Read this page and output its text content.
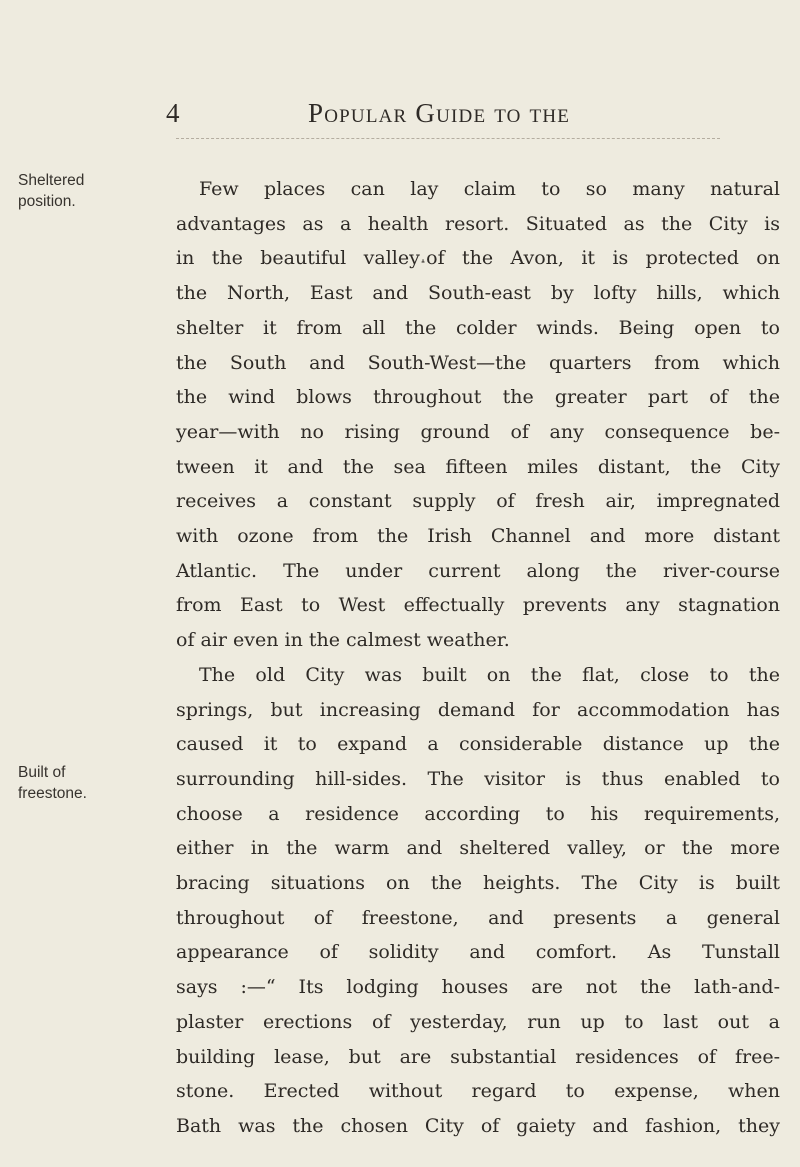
4	Popular Guide to the
Sheltered
position.
Built of
freestone.
Few places can lay claim to so many natural
advantages as a health resort. Situated as the City is
in the beautiful valley˔of the Avon, it is protected on
the North, East and South-east by lofty hills, which
shelter it from all the colder winds. Being open to
the South and South-West—the quarters from which
the wind blows throughout the greater part of the
year—with no rising ground of any consequence be-
tween it and the sea fifteen miles distant, the City
receives a constant supply of fresh air, impregnated
with ozone from the Irish Channel and more distant
Atlantic. The under current along the river-course
from East to West effectually prevents any stagnation
of air even in the calmest weather.
The old City was built on the flat, close to the
springs, but increasing demand for accommodation has
caused it to expand a considerable distance up the
surrounding hill-sides. The visitor is thus enabled to
choose a residence according to his requirements,
either in the warm and sheltered valley, or the more
bracing situations on the heights. The City is built
throughout of freestone, and presents a general
appearance of solidity and comfort. As Tunstall
says :—“ Its lodging houses are not the lath-and-
plaster erections of yesterday, run up to last out a
building lease, but are substantial residences of free-
stone. Erected without regard to expense, when
Bath was the chosen City of gaiety and fashion, they
